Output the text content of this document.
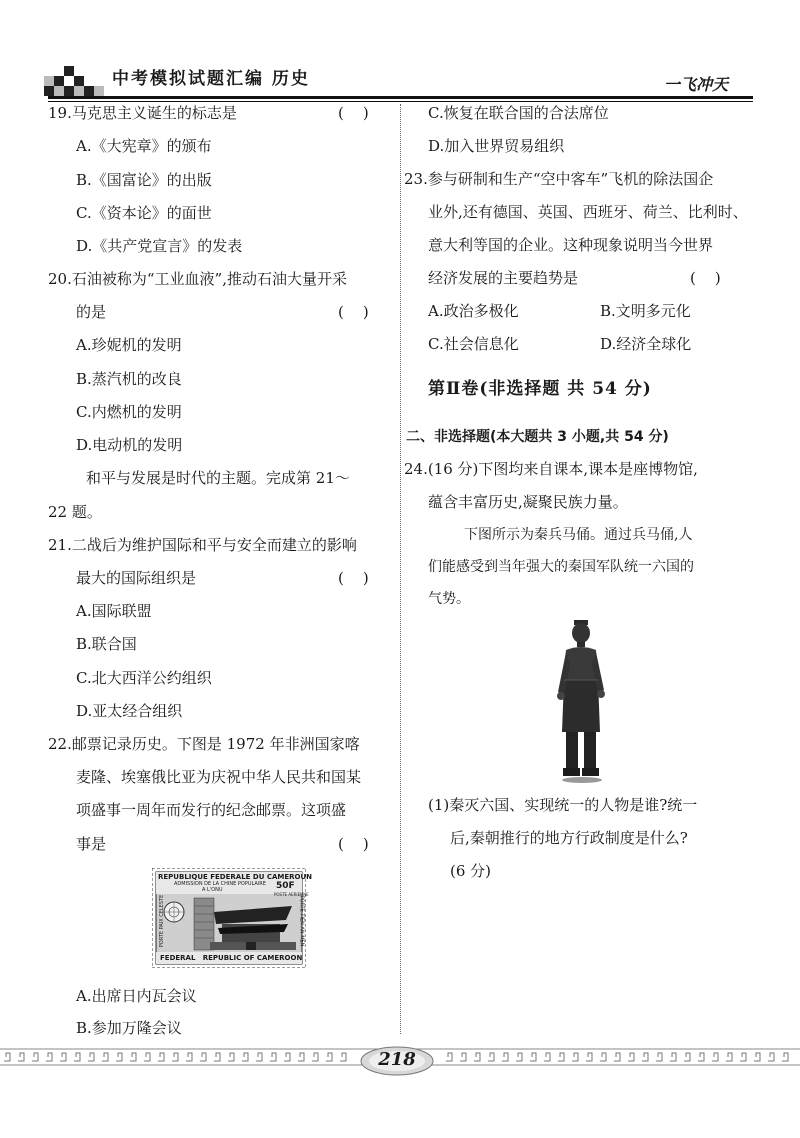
中考模拟试题汇编 历史	一飞冲天
19.马克思主义诞生的标志是	(    )
A.《大宪章》的颁布
B.《国富论》的出版
C.《资本论》的面世
D.《共产党宣言》的发表
20.石油被称为“工业血液”,推动石油大量开采
的是	(    )
A.珍妮机的发明
B.蒸汽机的改良
C.内燃机的发明
D.电动机的发明
和平与发展是时代的主题。完成第 21～
22 题。
21.二战后为维护国际和平与安全而建立的影响
最大的国际组织是	(    )
A.国际联盟
B.联合国
C.北大西洋公约组织
D.亚太经合组织
22.邮票记录历史。下图是 1972 年非洲国家喀
麦隆、埃塞俄比亚为庆祝中华人民共和国某
项盛事一周年而发行的纪念邮票。这项盛
事是	(    )
REPUBLIQUE FEDERALE DU CAMEROUN
ADMISSION DE LA CHINE POPULAIRE
A L'ONU	50F
POSTE AERIENNE
PORTE PAIX CELESTE	PORTE TIEN AN MEN
FEDERAL   REPUBLIC OF CAMEROON
A.出席日内瓦会议
B.参加万隆会议
C.恢复在联合国的合法席位
D.加入世界贸易组织
23.参与研制和生产“空中客车”飞机的除法国企
业外,还有德国、英国、西班牙、荷兰、比利时、
意大利等国的企业。这种现象说明当今世界
经济发展的主要趋势是	(    )
A.政治多极化	B.文明多元化
C.社会信息化	D.经济全球化
第Ⅱ卷(非选择题 共 54 分)
二、非选择题(本大题共 3 小题,共 54 分)
24.(16 分)下图均来自课本,课本是座博物馆,
蕴含丰富历史,凝聚民族力量。
下图所示为秦兵马俑。通过兵马俑,人
们能感受到当年强大的秦国军队统一六国的
气势。
(1)秦灭六国、实现统一的人物是谁?统一
后,秦朝推行的地方行政制度是什么?
(6 分)
218
